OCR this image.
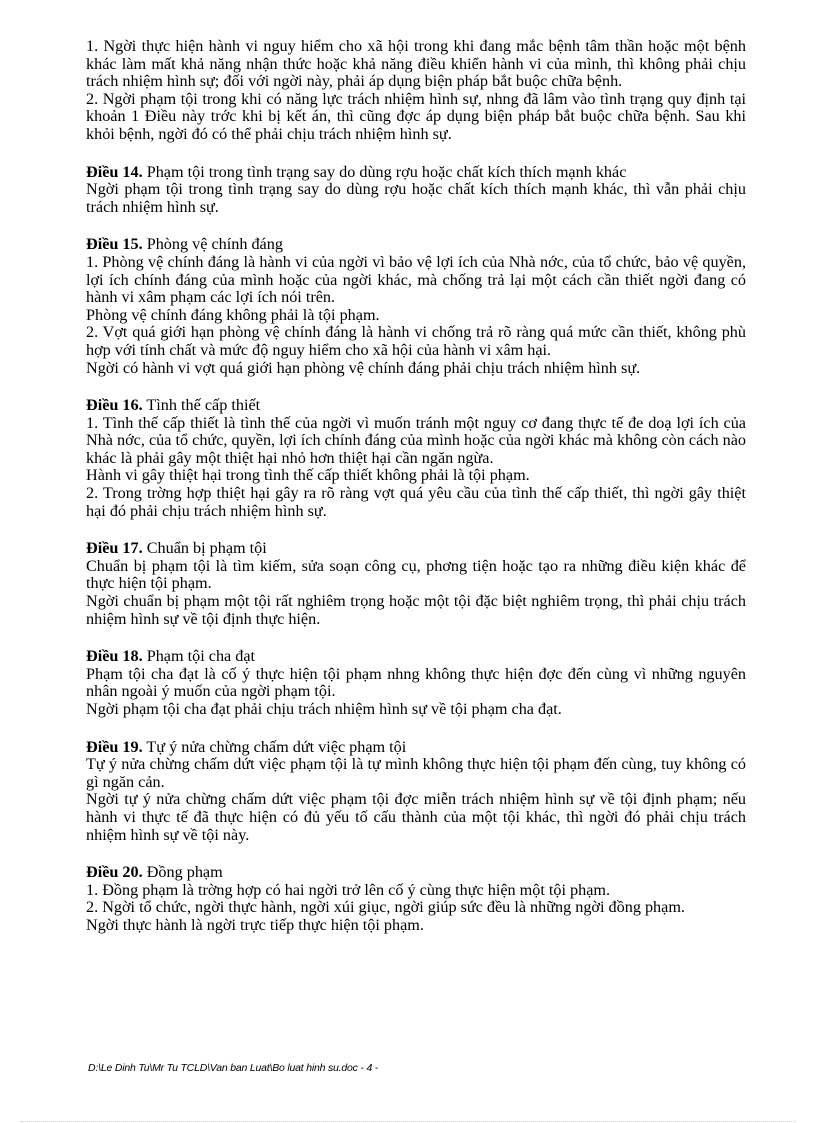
1. Ngời thực hiện hành vi nguy hiểm cho xã hội trong khi đang mắc bệnh tâm thần hoặc một bệnh khác làm mất khả năng nhận thức hoặc khả năng điều khiển hành vi của mình, thì không phải chịu trách nhiệm hình sự; đối với ngời này, phải áp dụng biện pháp bắt buộc chữa bệnh.

2. Ngời phạm tội trong khi có năng lực trách nhiệm hình sự, nhng đã lâm vào tình trạng quy định tại khoản 1 Điều này trớc khi bị kết án, thì cũng đợc áp dụng biện pháp bắt buộc chữa bệnh. Sau khi khỏi bệnh, ngời đó có thể phải chịu trách nhiệm hình sự.

Điều 14. Phạm tội trong tình trạng say do dùng rợu hoặc chất kích thích mạnh khác

Ngời phạm tội trong tình trạng say do dùng rợu hoặc chất kích thích mạnh khác, thì vẫn phải chịu trách nhiệm hình sự.

Điều 15. Phòng vệ chính đáng

1. Phòng vệ chính đáng là hành vi của ngời vì bảo vệ lợi ích của Nhà nớc, của tổ chức, bảo vệ quyền, lợi ích chính đáng của mình hoặc của ngời khác, mà chống trả lại một cách cần thiết ngời đang có hành vi xâm phạm các lợi ích nói trên.

Phòng vệ chính đáng không phải là tội phạm.

2. Vợt quá giới hạn phòng vệ chính đáng là hành vi chống trả rõ ràng quá mức cần thiết, không phù hợp với tính chất và mức độ nguy hiểm cho xã hội của hành vi xâm hại.

Ngời có hành vi vợt quá giới hạn phòng vệ chính đáng phải chịu trách nhiệm hình sự.

Điều 16. Tình thế cấp thiết

1. Tình thế cấp thiết là tình thế của ngời vì muốn tránh một nguy cơ đang thực tế đe doạ lợi ích của Nhà nớc, của tổ chức, quyền, lợi ích chính đáng của mình hoặc của ngời khác mà không còn cách nào khác là phải gây một thiệt hại nhỏ hơn thiệt hại cần ngăn ngừa.

Hành vi gây thiệt hại trong tình thế cấp thiết không phải là tội phạm.

2. Trong trờng hợp thiệt hại gây ra rõ ràng vợt quá yêu cầu của tình thế cấp thiết, thì ngời gây thiệt hại đó phải chịu trách nhiệm hình sự.

Điều 17. Chuẩn bị phạm tội

Chuẩn bị phạm tội là tìm kiếm, sửa soạn công cụ, phơng tiện hoặc tạo ra những điều kiện khác để thực hiện tội phạm.

Ngời chuẩn bị phạm một tội rất nghiêm trọng hoặc một tội đặc biệt nghiêm trọng, thì phải chịu trách nhiệm hình sự về tội định thực hiện.

Điều 18. Phạm tội cha đạt

Phạm tội cha đạt là cố ý thực hiện tội phạm nhng không thực hiện đợc đến cùng vì những nguyên nhân ngoài ý muốn của ngời phạm tội.

Ngời phạm tội cha đạt phải chịu trách nhiệm hình sự về tội phạm cha đạt.

Điều 19. Tự ý nửa chừng chấm dứt việc phạm tội

Tự ý nửa chừng chấm dứt việc phạm tội là tự mình không thực hiện tội phạm đến cùng, tuy không có gì ngăn cản.

Ngời tự ý nửa chừng chấm dứt việc phạm tội đợc miễn trách nhiệm hình sự về tội định phạm; nếu hành vi thực tế đã thực hiện có đủ yếu tố cấu thành của một tội khác, thì ngời đó phải chịu trách nhiệm hình sự về tội này.

Điều 20. Đồng phạm

1. Đồng phạm là trờng hợp có hai ngời trở lên cố ý cùng thực hiện một tội phạm.

2. Ngời tổ chức, ngời thực hành, ngời xúi giục, ngời giúp sức đều là những ngời đồng phạm.

Ngời thực hành là ngời trực tiếp thực hiện tội phạm.

D:\Le Dinh Tu\Mr Tu TCLD\Van ban Luat\Bo luat hinh su.doc - 4 -
